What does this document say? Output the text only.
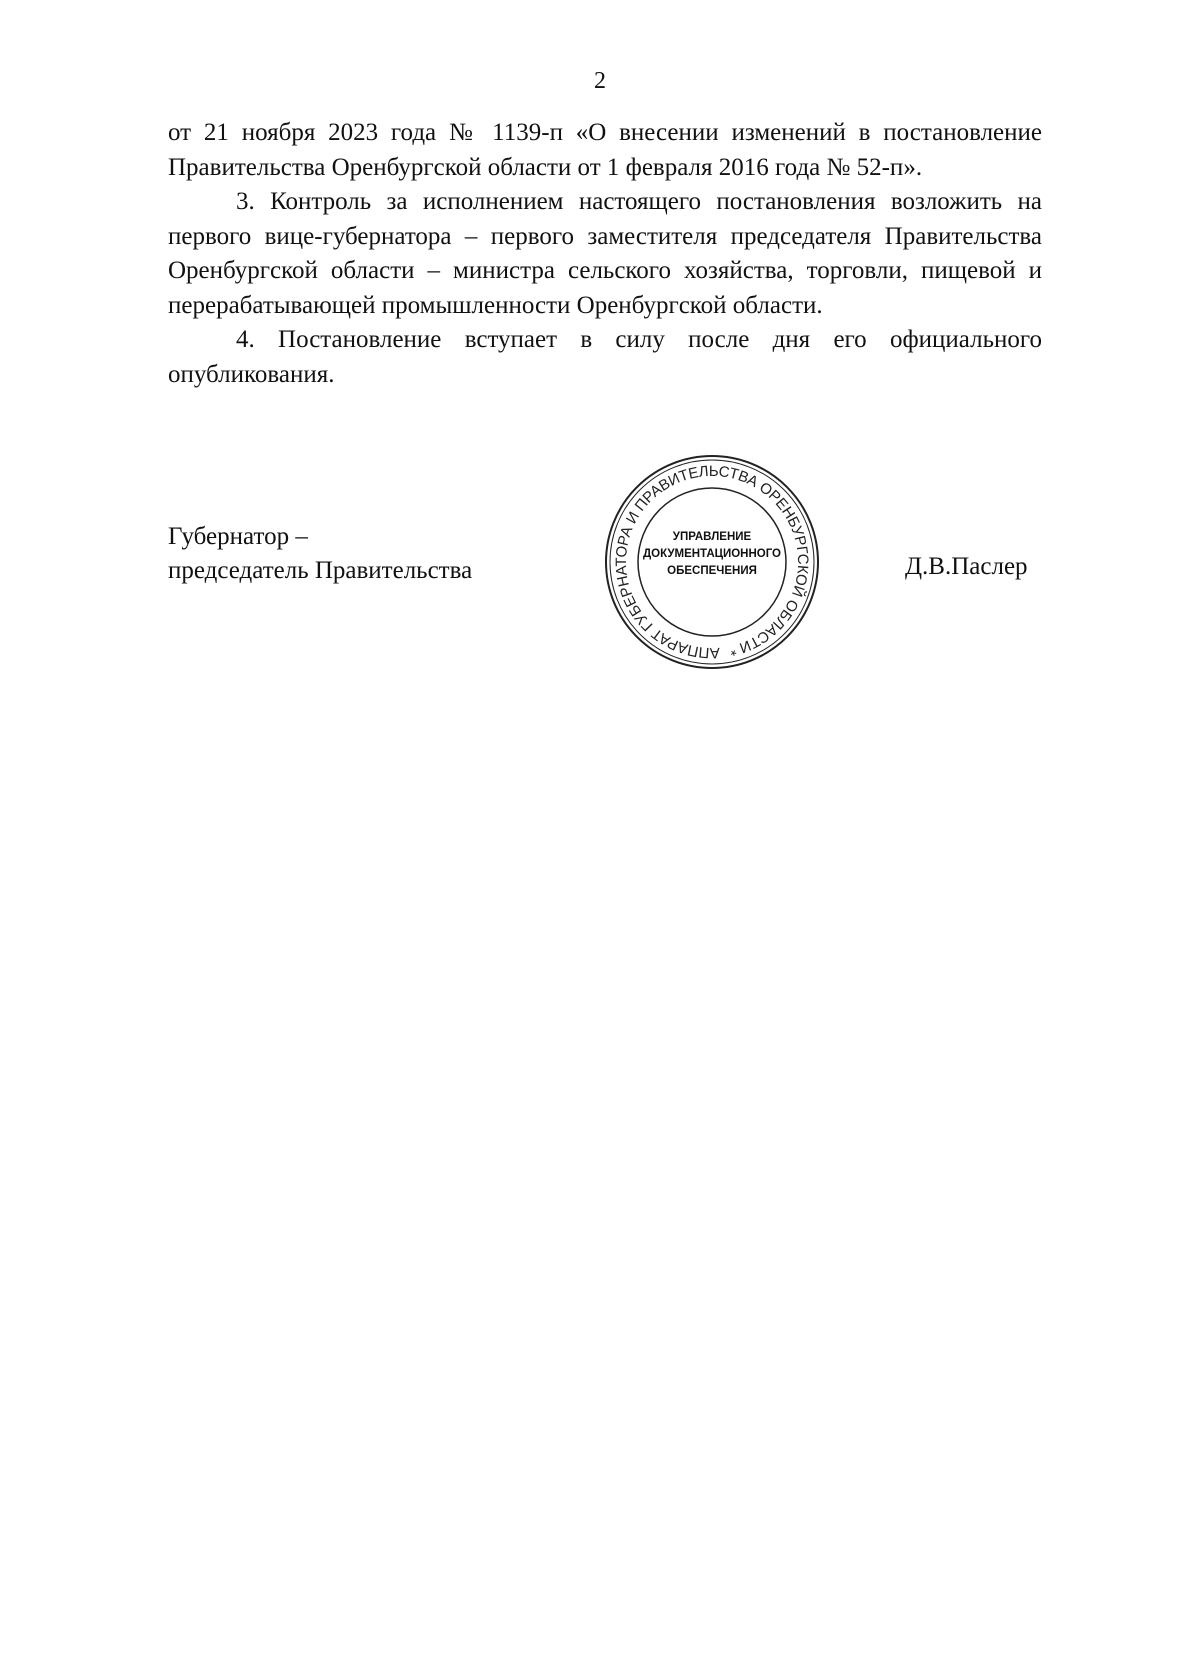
2

от 21 ноября 2023 года № 1139-п «О внесении изменений в постановление Правительства Оренбургской области от 1 февраля 2016 года № 52-п».

3. Контроль за исполнением настоящего постановления возложить на первого вице-губернатора – первого заместителя председателя Правительства Оренбургской области – министра сельского хозяйства, торговли, пищевой и перерабатывающей промышленности Оренбургской области.

4. Постановление вступает в силу после дня его официального опубликования.

Губернатор –
председатель Правительства
АППАРАТ ГУБЕРНАТОРА И ПРАВИТЕЛЬСТВА ОРЕНБУРГСКОЙ ОБЛАСТИ *
УПРАВЛЕНИЕ
ДОКУМЕНТАЦИОННОГО
ОБЕСПЕЧЕНИЯ	Д.В.Паслер
